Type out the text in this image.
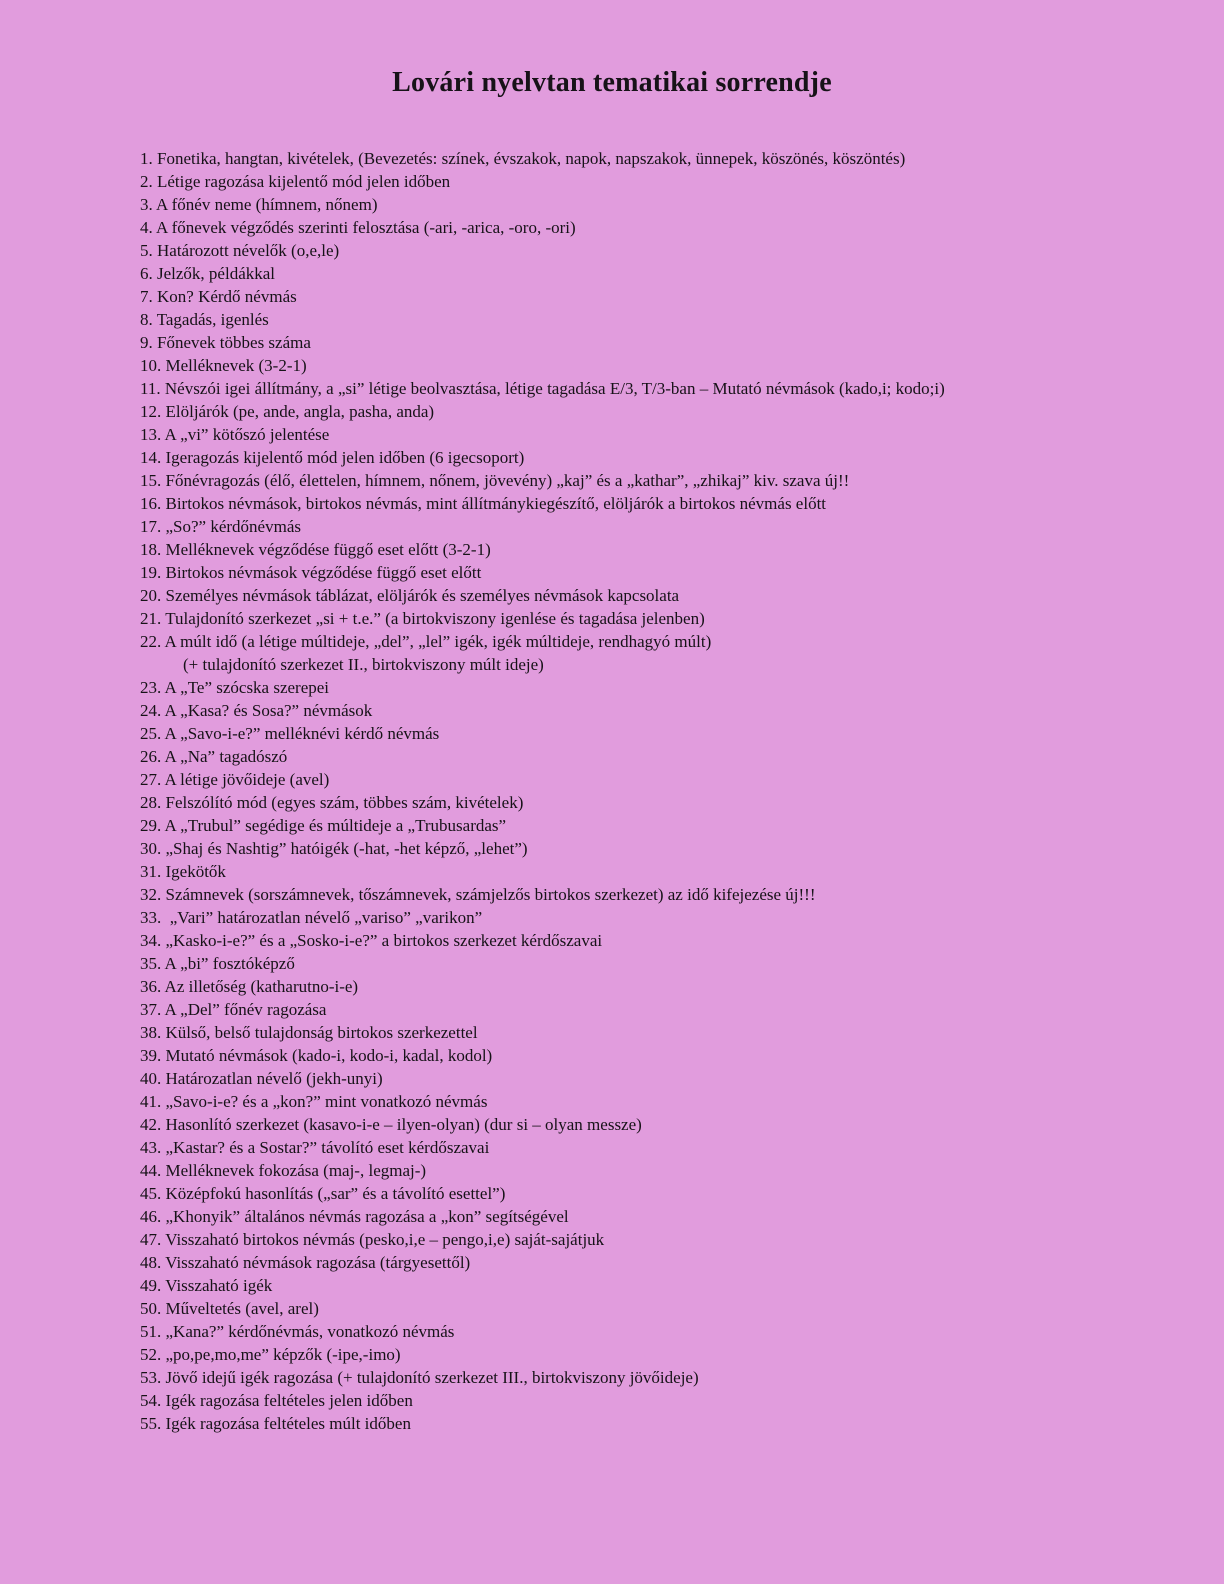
Lovári nyelvtan tematikai sorrendje
1. Fonetika, hangtan, kivételek, (Bevezetés: színek, évszakok, napok, napszakok, ünnepek, köszönés, köszöntés)
2. Létige ragozása kijelentő mód jelen időben
3. A főnév neme (hímnem, nőnem)
4. A főnevek végződés szerinti felosztása (-ari, -arica, -oro, -ori)
5. Határozott névelők (o,e,le)
6. Jelzők, példákkal
7. Kon? Kérdő névmás
8. Tagadás, igenlés
9. Főnevek többes száma
10. Melléknevek (3-2-1)
11. Névszói igei állítmány, a „si” létige beolvasztása, létige tagadása E/3, T/3-ban – Mutató névmások (kado,i; kodo;i)
12. Elöljárók (pe, ande, angla, pasha, anda)
13. A „vi” kötőszó jelentése
14. Igeragozás kijelentő mód jelen időben (6 igecsoport)
15. Főnévragozás (élő, élettelen, hímnem, nőnem, jövevény) „kaj” és a „kathar”, „zhikaj” kiv. szava új!!
16. Birtokos névmások, birtokos névmás, mint állítmánykiegészítő, elöljárók a birtokos névmás előtt
17. „So?” kérdőnévmás
18. Melléknevek végződése függő eset előtt (3-2-1)
19. Birtokos névmások végződése függő eset előtt
20. Személyes névmások táblázat, elöljárók és személyes névmások kapcsolata
21. Tulajdonító szerkezet „si + t.e.” (a birtokviszony igenlése és tagadása jelenben)
22. A múlt idő (a létige múltideje, „del”, „lel” igék, igék múltideje, rendhagyó múlt)
(+ tulajdonító szerkezet II., birtokviszony múlt ideje)
23. A „Te” szócska szerepei
24. A „Kasa? és Sosa?” névmások
25. A „Savo-i-e?” melléknévi kérdő névmás
26. A „Na” tagadószó
27. A létige jövőideje (avel)
28. Felszólító mód (egyes szám, többes szám, kivételek)
29. A „Trubul” segédige és múltideje a „Trubusardas”
30. „Shaj és Nashtig” hatóigék (-hat, -het képző, „lehet”)
31. Igekötők
32. Számnevek (sorszámnevek, tőszámnevek, számjelzős birtokos szerkezet) az idő kifejezése új!!!
33.  „Vari” határozatlan névelő „variso” „varikon”
34. „Kasko-i-e?” és a „Sosko-i-e?” a birtokos szerkezet kérdőszavai
35. A „bi” fosztóképző
36. Az illetőség (katharutno-i-e)
37. A „Del” főnév ragozása
38. Külső, belső tulajdonság birtokos szerkezettel
39. Mutató névmások (kado-i, kodo-i, kadal, kodol)
40. Határozatlan névelő (jekh-unyi)
41. „Savo-i-e? és a „kon?” mint vonatkozó névmás
42. Hasonlító szerkezet (kasavo-i-e – ilyen-olyan) (dur si – olyan messze)
43. „Kastar? és a Sostar?” távolító eset kérdőszavai
44. Melléknevek fokozása (maj-, legmaj-)
45. Középfokú hasonlítás („sar” és a távolító esettel”)
46. „Khonyik” általános névmás ragozása a „kon” segítségével
47. Visszaható birtokos névmás (pesko,i,e – pengo,i,e) saját-sajátjuk
48. Visszaható névmások ragozása (tárgyesettől)
49. Visszaható igék
50. Műveltetés (avel, arel)
51. „Kana?” kérdőnévmás, vonatkozó névmás
52. „po,pe,mo,me” képzők (-ipe,-imo)
53. Jövő idejű igék ragozása (+ tulajdonító szerkezet III., birtokviszony jövőideje)
54. Igék ragozása feltételes jelen időben
55. Igék ragozása feltételes múlt időben
